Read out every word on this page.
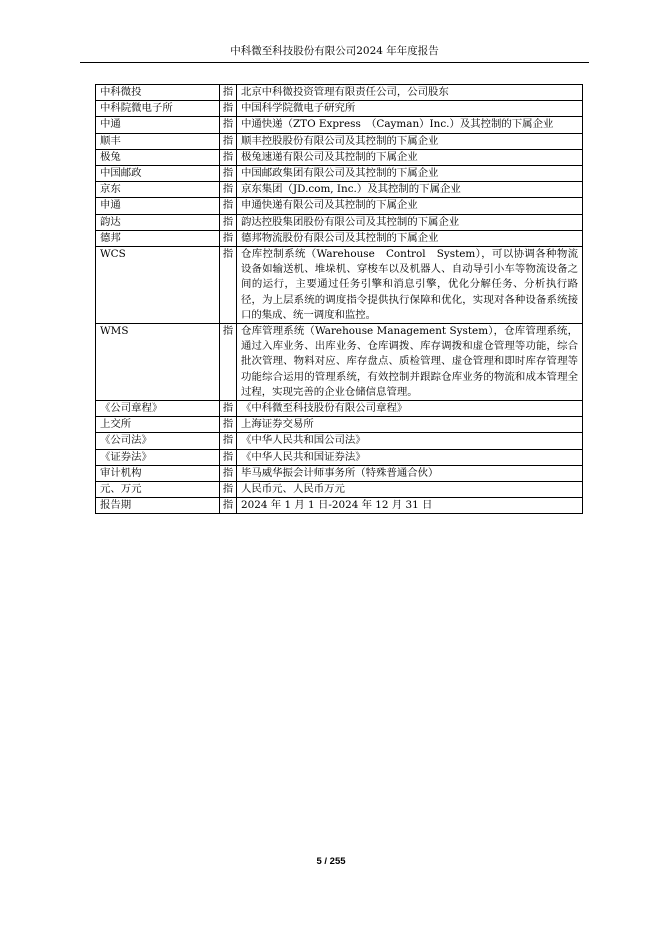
中科微至科技股份有限公司2024 年年度报告
中科微投	指	北京中科微投资管理有限责任公司，公司股东
中科院微电子所	指	中国科学院微电子研究所
中通	指	中通快递（ZTO Express　（Cayman）Inc.）及其控制的下属企业
顺丰	指	顺丰控股股份有限公司及其控制的下属企业
极兔	指	极兔速递有限公司及其控制的下属企业
中国邮政	指	中国邮政集团有限公司及其控制的下属企业
京东	指	京东集团（JD.com, Inc.）及其控制的下属企业
申通	指	申通快递有限公司及其控制的下属企业
韵达	指	韵达控股集团股份有限公司及其控制的下属企业
德邦	指	德邦物流股份有限公司及其控制的下属企业
WCS	指	仓库控制系统（Warehouse　Control　System），可以协调各种物流设备如输送机、堆垛机、穿梭车以及机器人、自动导引小车等物流设备之间的运行，主要通过任务引擎和消息引擎，优化分解任务、分析执行路径，为上层系统的调度指令提供执行保障和优化，实现对各种设备系统接口的集成、统一调度和监控。
WMS	指	仓库管理系统（Warehouse Management System），仓库管理系统，通过入库业务、出库业务、仓库调拨、库存调拨和虚仓管理等功能，综合批次管理、物料对应、库存盘点、质检管理、虚仓管理和即时库存管理等功能综合运用的管理系统，有效控制并跟踪仓库业务的物流和成本管理全过程，实现完善的企业仓储信息管理。
《公司章程》	指	《中科微至科技股份有限公司章程》
上交所	指	上海证券交易所
《公司法》	指	《中华人民共和国公司法》
《证券法》	指	《中华人民共和国证券法》
审计机构	指	毕马威华振会计师事务所（特殊普通合伙）
元、万元	指	人民币元、人民币万元
报告期	指	2024 年 1 月 1 日-2024 年 12 月 31 日
5 / 255
